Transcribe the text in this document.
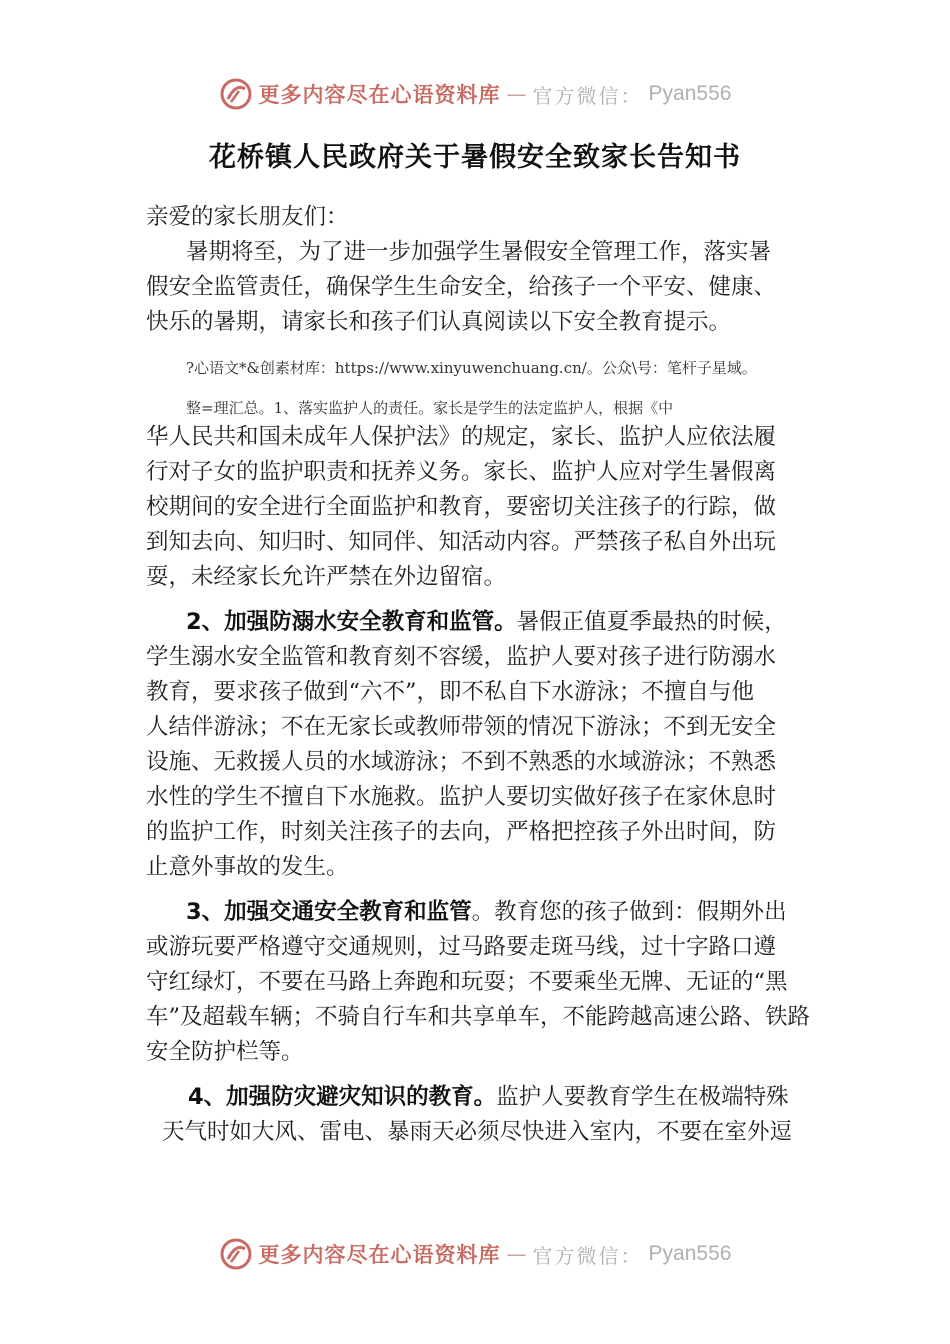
更多内容尽在心语资料库 — 官方微信： Pyan556
花桥镇人民政府关于暑假安全致家长告知书
亲爱的家长朋友们：
暑期将至，为了进一步加强学生暑假安全管理工作，落实暑
假安全监管责任，确保学生生命安全，给孩子一个平安、健康、
快乐的暑期，请家长和孩子们认真阅读以下安全教育提示。
?心语文*&创素材库：https://www.xinyuwenchuang.cn/。公众\号：笔杆子星域。
整=理汇总。1、落实监护人的责任。家长是学生的法定监护人，根据《中
华人民共和国未成年人保护法》的规定，家长、监护人应依法履
行对子女的监护职责和抚养义务。家长、监护人应对学生暑假离
校期间的安全进行全面监护和教育，要密切关注孩子的行踪，做
到知去向、知归时、知同伴、知活动内容。严禁孩子私自外出玩
耍，未经家长允许严禁在外边留宿。
2、加强防溺水安全教育和监管。暑假正值夏季最热的时候，
学生溺水安全监管和教育刻不容缓，监护人要对孩子进行防溺水
教育，要求孩子做到“六不”，即不私自下水游泳；不擅自与他
人结伴游泳；不在无家长或教师带领的情况下游泳；不到无安全
设施、无救援人员的水域游泳；不到不熟悉的水域游泳；不熟悉
水性的学生不擅自下水施救。监护人要切实做好孩子在家休息时
的监护工作，时刻关注孩子的去向，严格把控孩子外出时间，防
止意外事故的发生。
3、加强交通安全教育和监管。教育您的孩子做到：假期外出
或游玩要严格遵守交通规则，过马路要走斑马线，过十字路口遵
守红绿灯，不要在马路上奔跑和玩耍；不要乘坐无牌、无证的“黑
车”及超载车辆；不骑自行车和共享单车，不能跨越高速公路、铁路
安全防护栏等。
4、加强防灾避灾知识的教育。监护人要教育学生在极端特殊
天气时如大风、雷电、暴雨天必须尽快进入室内，不要在室外逗
更多内容尽在心语资料库 — 官方微信： Pyan556
